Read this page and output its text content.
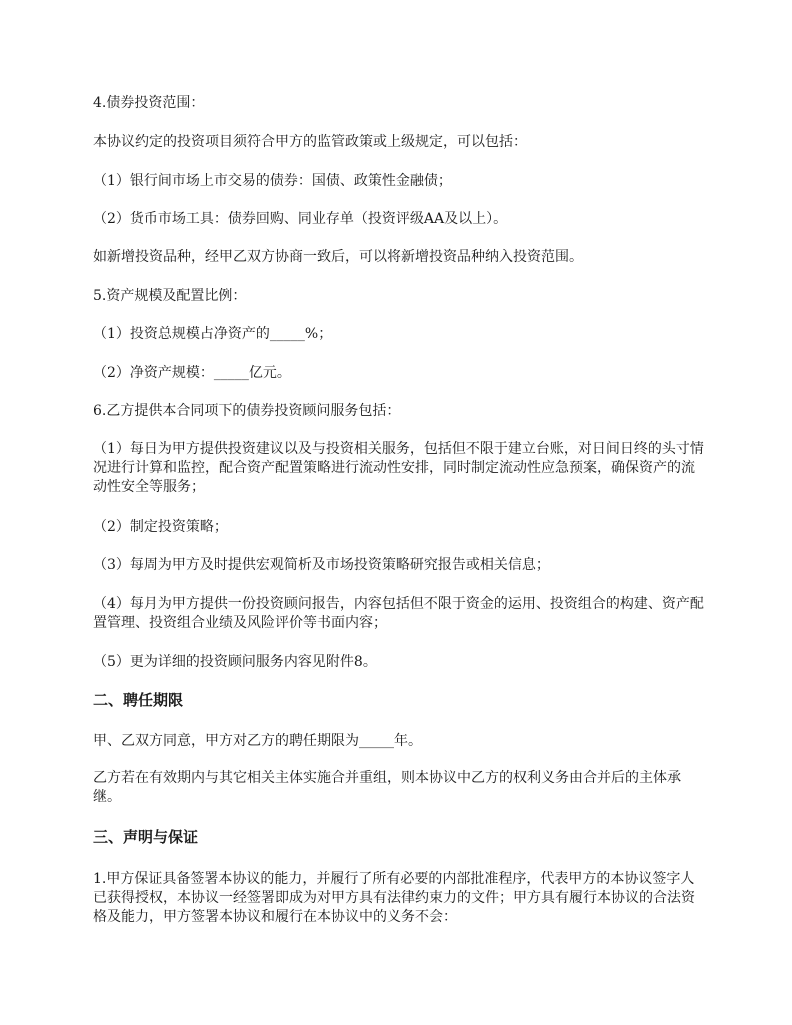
4.债券投资范围：

本协议约定的投资项目须符合甲方的监管政策或上级规定，可以包括：

（1）银行间市场上市交易的债券：国债、政策性金融债；

（2）货币市场工具：债券回购、同业存单（投资评级AA及以上）。

如新增投资品种，经甲乙双方协商一致后，可以将新增投资品种纳入投资范围。

5.资产规模及配置比例：

（1）投资总规模占净资产的_____%；

（2）净资产规模：_____亿元。

6.乙方提供本合同项下的债券投资顾问服务包括：

（1）每日为甲方提供投资建议以及与投资相关服务，包括但不限于建立台账，对日间日终的头寸情况进行计算和监控，配合资产配置策略进行流动性安排，同时制定流动性应急预案，确保资产的流动性安全等服务；

（2）制定投资策略；

（3）每周为甲方及时提供宏观简析及市场投资策略研究报告或相关信息；

（4）每月为甲方提供一份投资顾问报告，内容包括但不限于资金的运用、投资组合的构建、资产配置管理、投资组合业绩及风险评价等书面内容；

（5）更为详细的投资顾问服务内容见附件8。

二、聘任期限

甲、乙双方同意，甲方对乙方的聘任期限为_____年。

乙方若在有效期内与其它相关主体实施合并重组，则本协议中乙方的权利义务由合并后的主体承继。

三、声明与保证

1.甲方保证具备签署本协议的能力，并履行了所有必要的内部批准程序，代表甲方的本协议签字人已获得授权，本协议一经签署即成为对甲方具有法律约束力的文件；甲方具有履行本协议的合法资格及能力，甲方签署本协议和履行在本协议中的义务不会：
